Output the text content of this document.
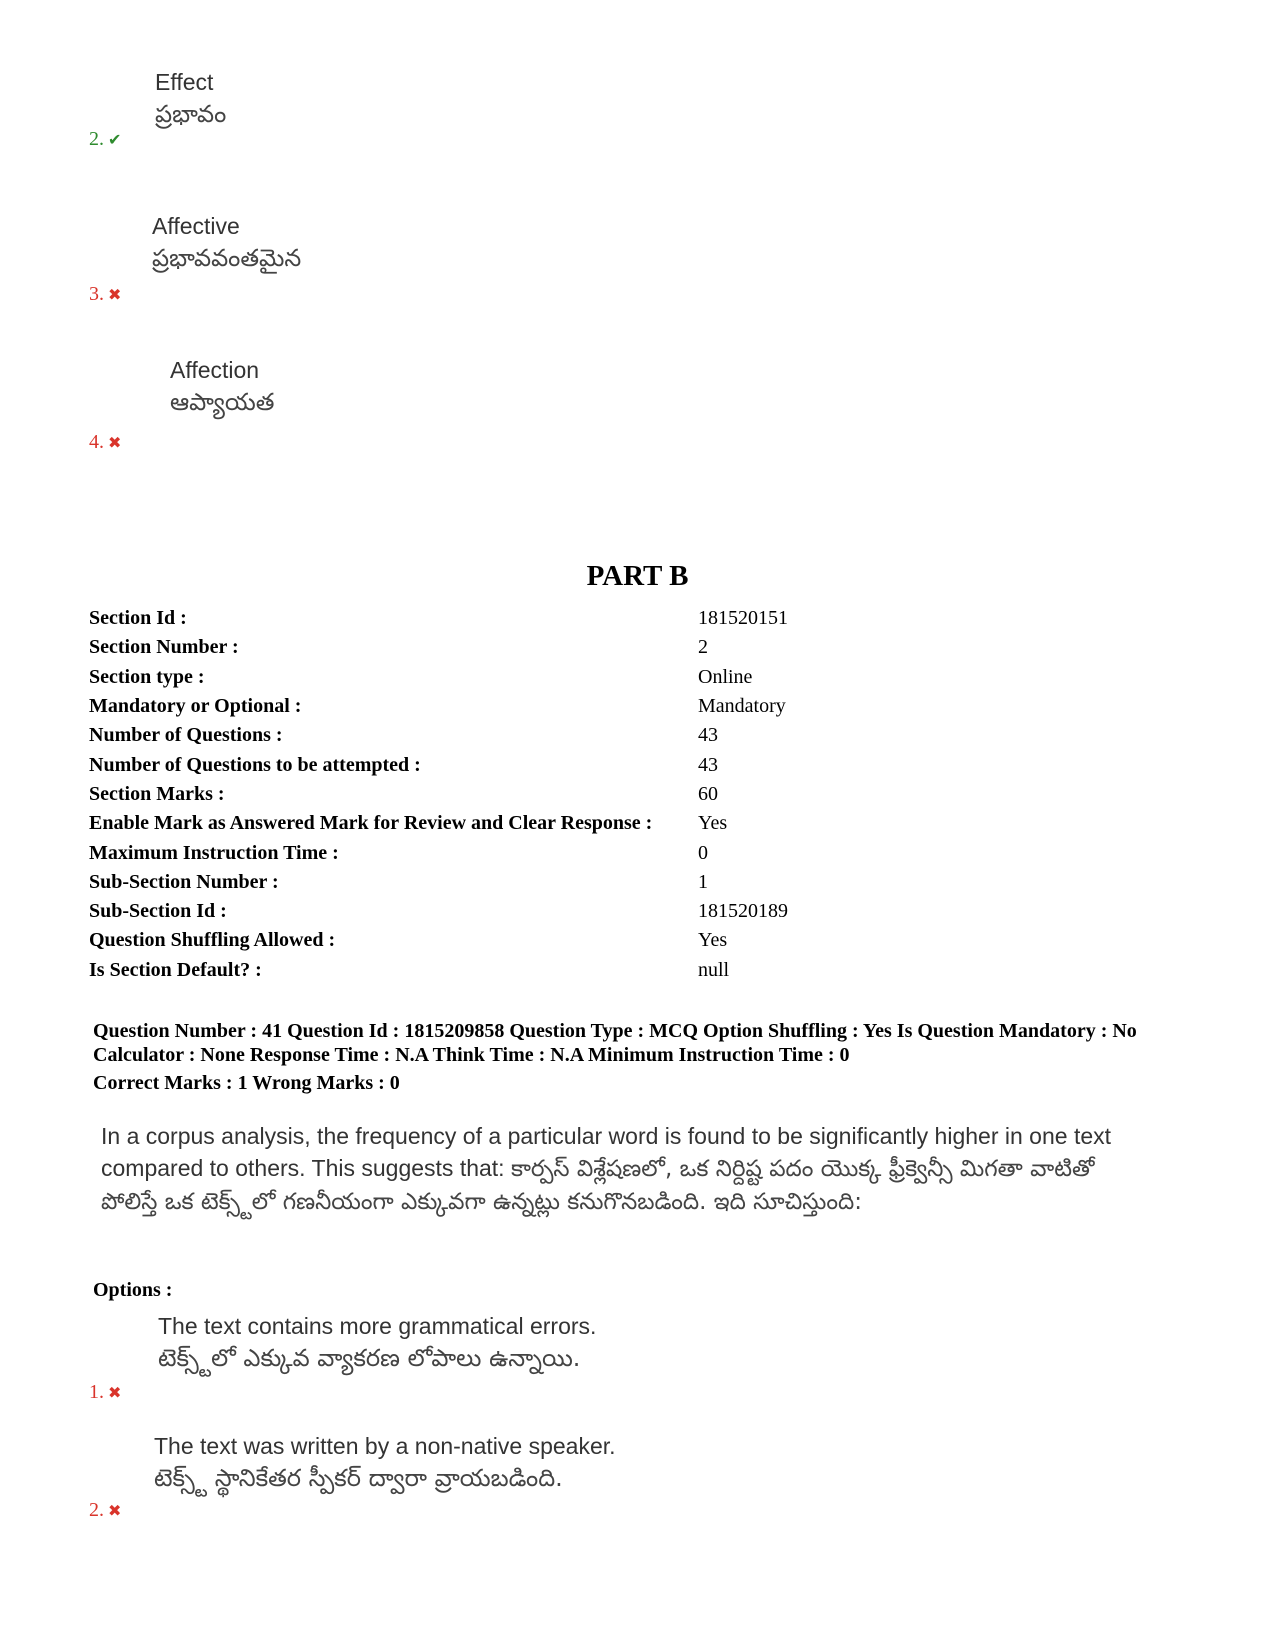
Effect
ప్రభావం
2. ✔
Affective
ప్రభావవంతమైన
3. ✖
Affection
ఆప్యాయత
4. ✖
PART B
Section Id :	181520151
Section Number :	2
Section type :	Online
Mandatory or Optional :	Mandatory
Number of Questions :	43
Number of Questions to be attempted :	43
Section Marks :	60
Enable Mark as Answered Mark for Review and Clear Response :	Yes
Maximum Instruction Time :	0
Sub-Section Number :	1
Sub-Section Id :	181520189
Question Shuffling Allowed :	Yes
Is Section Default? :	null
Question Number : 41 Question Id : 1815209858 Question Type : MCQ Option Shuffling : Yes Is Question Mandatory : No Calculator : None Response Time : N.A Think Time : N.A Minimum Instruction Time : 0
Correct Marks : 1 Wrong Marks : 0
In a corpus analysis, the frequency of a particular word is found to be significantly higher in one text compared to others. This suggests that: కార్పస్ విశ్లేషణలో, ఒక నిర్దిష్ట పదం యొక్క ఫ్రీక్వెన్సీ మిగతా వాటితో పోలిస్తే ఒక టెక్స్ట్‌లో గణనీయంగా ఎక్కువగా ఉన్నట్లు కనుగొనబడింది. ఇది సూచిస్తుంది:
Options :
The text contains more grammatical errors.
టెక్స్ట్‌లో ఎక్కువ వ్యాకరణ లోపాలు ఉన్నాయి.
1. ✖
The text was written by a non-native speaker.
టెక్స్ట్ స్థానికేతర స్పీకర్ ద్వారా వ్రాయబడింది.
2. ✖
